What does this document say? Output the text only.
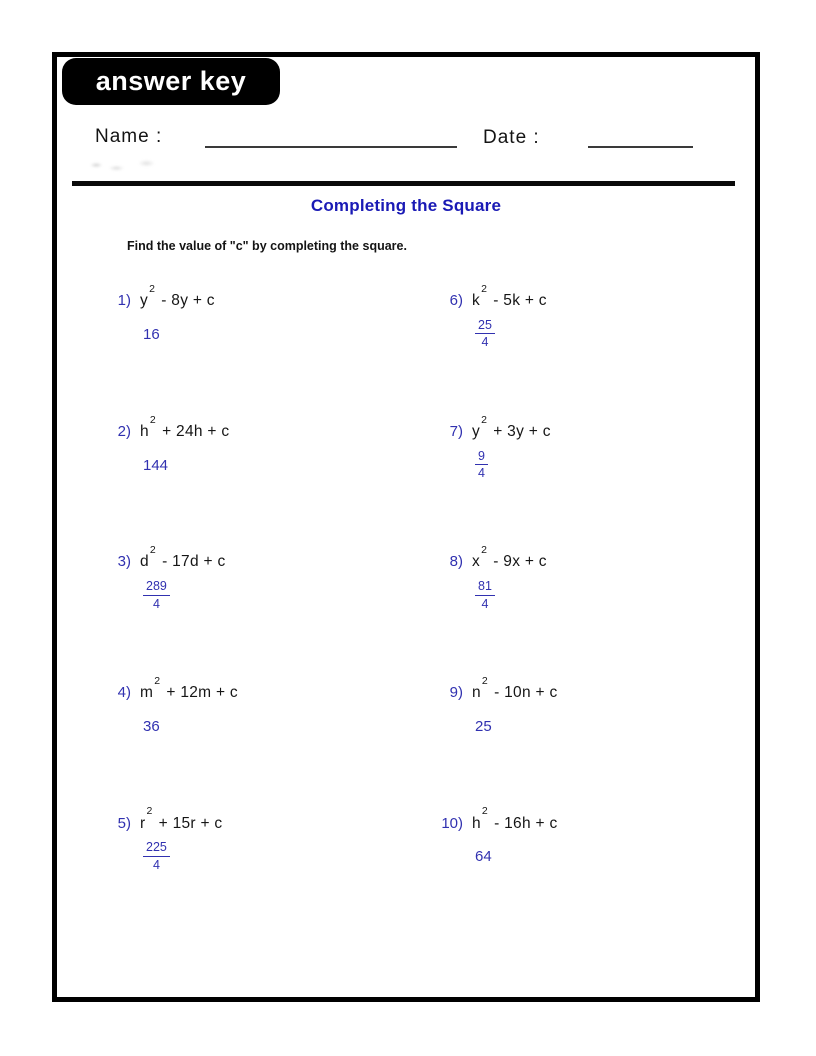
answer key
Name :	Date :
Completing the Square
Find the value of "c" by completing the square.
1) $y^2-$ 8y + c
16
2) $h^2+ 24h + c$
144
3) $d^2-$ 17d + c
$\frac{289}{4}$
4) $m^2+ 12m + c$
36
5) $r^2+ 15r + c$
$\frac{225}{4}$
6) $k^2-$ 5k + c
$\frac{25}{4}$
7) $y^2+ 3y + c$
$\frac{9}{4}$
8) $x^2-$ 9x + c
$\frac{81}{4}$
9) $n^2-$ 10n + c
25
10) $h^2-$ 16h + c
64
